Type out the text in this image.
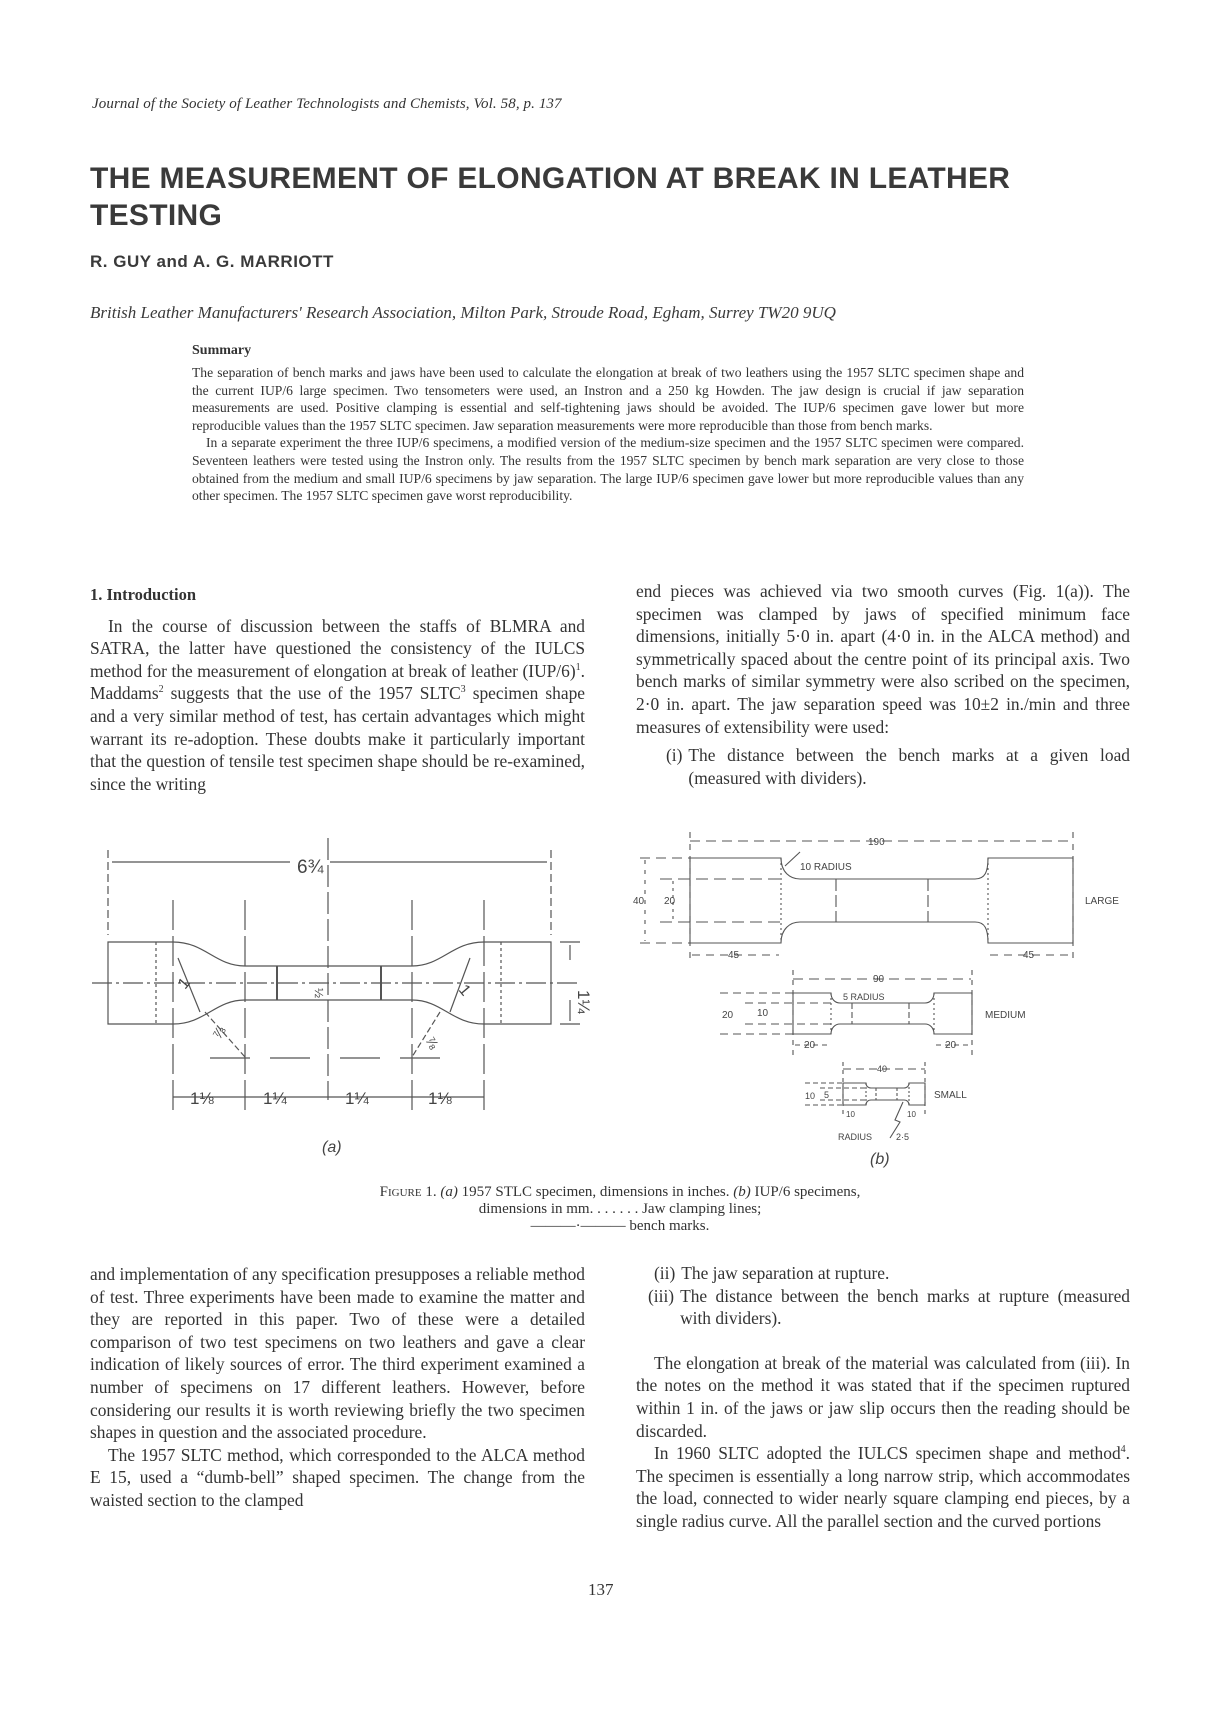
Journal of the Society of Leather Technologists and Chemists, Vol. 58, p. 137
THE MEASUREMENT OF ELONGATION AT BREAK IN LEATHER TESTING
R. GUY and A. G. MARRIOTT
British Leather Manufacturers' Research Association, Milton Park, Stroude Road, Egham, Surrey TW20 9UQ
Summary

The separation of bench marks and jaws have been used to calculate the elongation at break of two leathers using the 1957 SLTC specimen shape and the current IUP/6 large specimen. Two tensometers were used, an Instron and a 250 kg Howden. The jaw design is crucial if jaw separation measurements are used. Positive clamping is essential and self-tightening jaws should be avoided. The IUP/6 specimen gave lower but more reproducible values than the 1957 SLTC specimen. Jaw separation measurements were more reproducible than those from bench marks.

In a separate experiment the three IUP/6 specimens, a modified version of the medium-size specimen and the 1957 SLTC specimen were compared. Seventeen leathers were tested using the Instron only. The results from the 1957 SLTC specimen by bench mark separation are very close to those obtained from the medium and small IUP/6 specimens by jaw separation. The large IUP/6 specimen gave lower but more reproducible values than any other specimen. The 1957 SLTC specimen gave worst reproducibility.

1. Introduction

In the course of discussion between the staffs of BLMRA and SATRA, the latter have questioned the consistency of the IULCS method for the measurement of elongation at break of leather $(IUP/6)^1$. Maddams$^2$ suggests that the use of the 1957 SLTC$^3$ specimen shape and a very similar method of test, has certain advantages which might warrant its re-adoption. These doubts make it particularly important that the question of tensile test specimen shape should be re-examined, since the writing

end pieces was achieved via two smooth curves (Fig. 1(a)). The specimen was clamped by jaws of specified minimum face dimensions, initially 5·0 in. apart (4·0 in. in the ALCA method) and symmetrically spaced about the centre point of its principal axis. Two bench marks of similar symmetry were also scribed on the specimen, 2·0 in. apart. The jaw separation speed was 10±2 in./min and three measures of extensibility were used:

(i) The distance between the bench marks at a given load (measured with dividers).
6¾
1⅛	1¼	1¼	1⅛
1¼
½
1	1
⅞
⅞
(a)
190
10 RADIUS
40 20
45	45
LARGE
90
5 RADIUS
20 10
20	20
MEDIUM
40
10 5
10	10
SMALL
RADIUS	2·5
(b)
Figure 1. (a) 1957 STLC specimen, dimensions in inches. (b) IUP/6 specimens, dimensions in mm. . . . . . . Jaw clamping lines;
———·——— bench marks.

and implementation of any specification presupposes a reliable method of test. Three experiments have been made to examine the matter and they are reported in this paper. Two of these were a detailed comparison of two test specimens on two leathers and gave a clear indication of likely sources of error. The third experiment examined a number of specimens on 17 different leathers. However, before considering our results it is worth reviewing briefly the two specimen shapes in question and the associated procedure.

The 1957 SLTC method, which corresponded to the ALCA method E 15, used a “dumb-bell” shaped specimen. The change from the waisted section to the clamped

(ii) The jaw separation at rupture.
(iii) The distance between the bench marks at rupture (measured with dividers).

The elongation at break of the material was calculated from (iii). In the notes on the method it was stated that if the specimen ruptured within 1 in. of the jaws or jaw slip occurs then the reading should be discarded.

In 1960 SLTC adopted the IULCS specimen shape and method$^4$. The specimen is essentially a long narrow strip, which accommodates the load, connected to wider nearly square clamping end pieces, by a single radius curve. All the parallel section and the curved portions

137
